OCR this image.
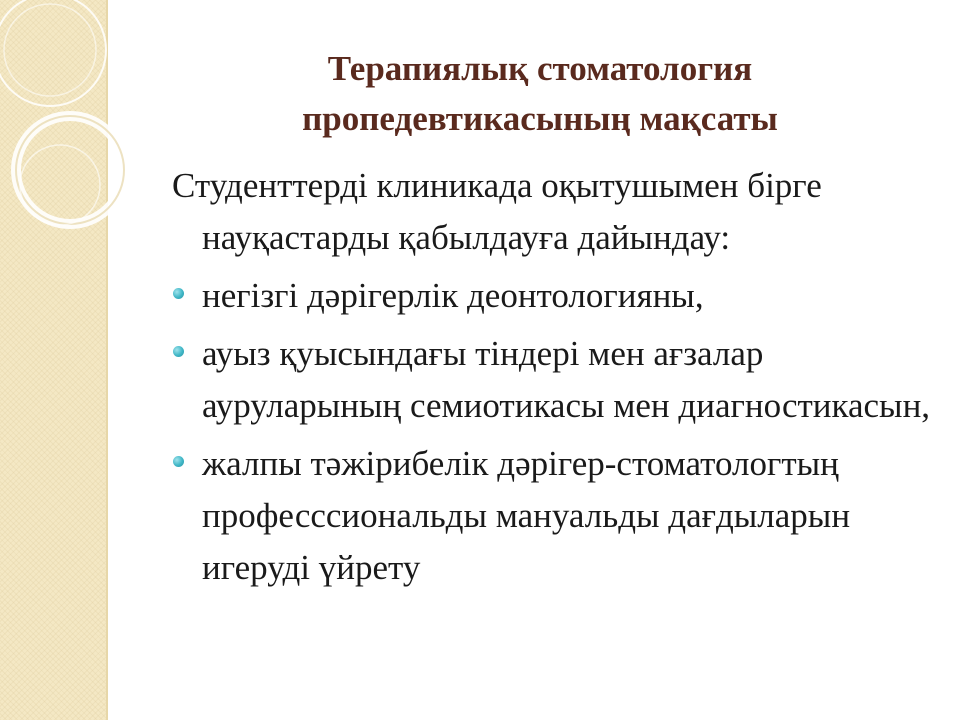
Терапиялық стоматология
пропедевтикасының мақсаты

Студенттерді клиникада оқытушымен бірге науқастарды қабылдауға дайындау:

негізгі дәрігерлік деонтологияны,
ауыз қуысындағы тіндері мен ағзалар ауруларының семиотикасы мен диагностикасын,
жалпы тәжірибелік дәрігер-стоматологтың професссиональды мануальды дағдыларын игеруді үйрету
